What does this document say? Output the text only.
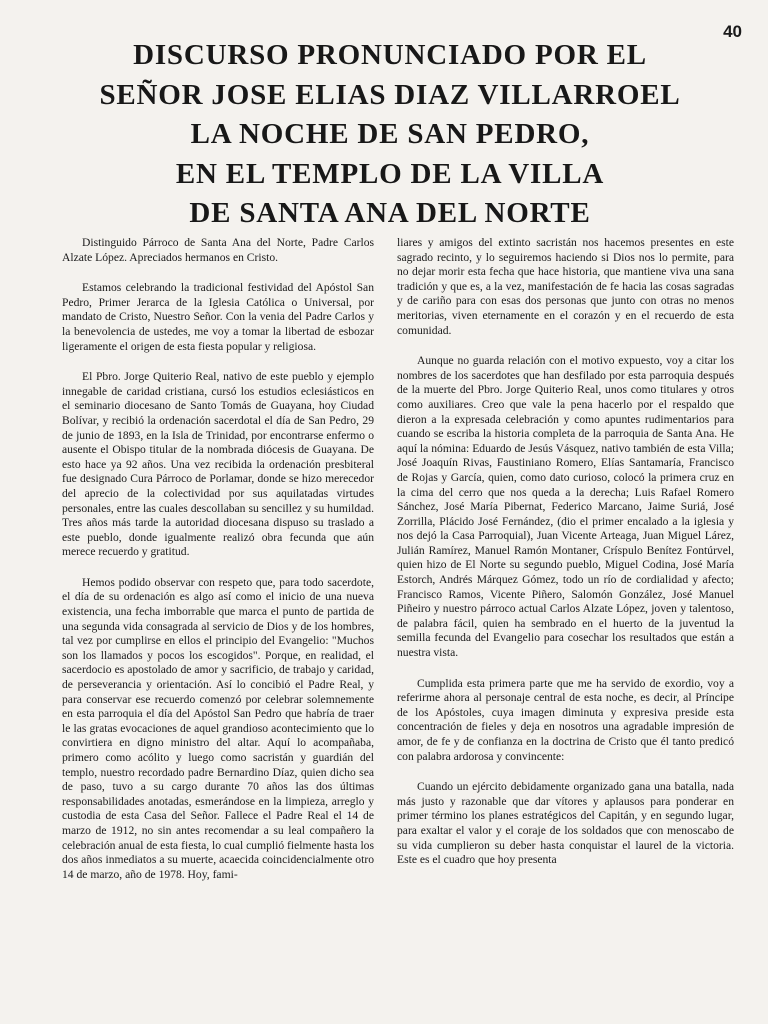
40
DISCURSO PRONUNCIADO POR EL
SEÑOR JOSE ELIAS DIAZ VILLARROEL
LA NOCHE DE SAN PEDRO,
EN EL TEMPLO DE LA VILLA
DE SANTA ANA DEL NORTE

Distinguido Párroco de Santa Ana del Norte, Padre Carlos Alzate López. Apreciados hermanos en Cristo.

Estamos celebrando la tradicional festividad del Apóstol San Pedro, Primer Jerarca de la Iglesia Católica o Universal, por mandato de Cristo, Nuestro Señor. Con la venia del Padre Carlos y la benevolencia de ustedes, me voy a tomar la libertad de esbozar ligeramente el origen de esta fiesta popular y religiosa.

El Pbro. Jorge Quiterio Real, nativo de este pueblo y ejemplo innegable de caridad cristiana, cursó los estudios eclesiásticos en el seminario diocesano de Santo Tomás de Guayana, hoy Ciudad Bolívar, y recibió la ordenación sacerdotal el día de San Pedro, 29 de junio de 1893, en la Isla de Trinidad, por encontrarse enfermo o ausente el Obispo titular de la nombrada diócesis de Guayana. De esto hace ya 92 años. Una vez recibida la ordenación presbiteral fue designado Cura Párroco de Porlamar, donde se hizo merecedor del aprecio de la colectividad por sus aquilatadas virtudes personales, entre las cuales descollaban su sencillez y su humildad. Tres años más tarde la autoridad diocesana dispuso su traslado a este pueblo, donde igualmente realizó obra fecunda que aún merece recuerdo y gratitud.

Hemos podido observar con respeto que, para todo sacerdote, el día de su ordenación es algo así como el inicio de una nueva existencia, una fecha imborrable que marca el punto de partida de una segunda vida consagrada al servicio de Dios y de los hombres, tal vez por cumplirse en ellos el principio del Evangelio: "Muchos son los llamados y pocos los escogidos". Porque, en realidad, el sacerdocio es apostolado de amor y sacrificio, de trabajo y caridad, de perseverancia y orientación. Así lo concibió el Padre Real, y para conservar ese recuerdo comenzó por celebrar solemnemente en esta parroquia el día del Apóstol San Pedro que habría de traer le las gratas evocaciones de aquel grandioso acontecimiento que lo convirtiera en digno ministro del altar. Aquí lo acompañaba, primero como acólito y luego como sacristán y guardián del templo, nuestro recordado padre Bernardino Díaz, quien dicho sea de paso, tuvo a su cargo durante 70 años las dos últimas responsabilidades anotadas, esmerándose en la limpieza, arreglo y custodia de esta Casa del Señor. Fallece el Padre Real el 14 de marzo de 1912, no sin antes recomendar a su leal compañero la celebración anual de esta fiesta, lo cual cumplió fielmente hasta los dos años inmediatos a su muerte, acaecida coincidencialmente otro 14 de marzo, año de 1978. Hoy, fami-

liares y amigos del extinto sacristán nos hacemos presentes en este sagrado recinto, y lo seguiremos haciendo si Dios nos lo permite, para no dejar morir esta fecha que hace historia, que mantiene viva una sana tradición y que es, a la vez, manifestación de fe hacia las cosas sagradas y de cariño para con esas dos personas que junto con otras no menos meritorias, viven eternamente en el corazón y en el recuerdo de esta comunidad.

Aunque no guarda relación con el motivo expuesto, voy a citar los nombres de los sacerdotes que han desfilado por esta parroquia después de la muerte del Pbro. Jorge Quiterio Real, unos como titulares y otros como auxiliares. Creo que vale la pena hacerlo por el respaldo que dieron a la expresada celebración y como apuntes rudimentarios para cuando se escriba la historia completa de la parroquia de Santa Ana. He aquí la nómina: Eduardo de Jesús Vásquez, nativo también de esta Villa; José Joaquín Rivas, Faustiniano Romero, Elías Santamaría, Francisco de Rojas y García, quien, como dato curioso, colocó la primera cruz en la cima del cerro que nos queda a la derecha; Luis Rafael Romero Sánchez, José María Pibernat, Federico Marcano, Jaime Suriá, José Zorrilla, Plácido José Fernández, (dio el primer encalado a la iglesia y nos dejó la Casa Parroquial), Juan Vicente Arteaga, Juan Miguel Lárez, Julián Ramírez, Manuel Ramón Montaner, Críspulo Benítez Fontúrvel, quien hizo de El Norte su segundo pueblo, Miguel Codina, José María Estorch, Andrés Márquez Gómez, todo un río de cordialidad y afecto; Francisco Ramos, Vicente Piñero, Salomón González, José Manuel Piñeiro y nuestro párroco actual Carlos Alzate López, joven y talentoso, de palabra fácil, quien ha sembrado en el huerto de la juventud la semilla fecunda del Evangelio para cosechar los resultados que están a nuestra vista.

Cumplida esta primera parte que me ha servido de exordio, voy a referirme ahora al personaje central de esta noche, es decir, al Príncipe de los Apóstoles, cuya imagen diminuta y expresiva preside esta concentración de fieles y deja en nosotros una agradable impresión de amor, de fe y de confianza en la doctrina de Cristo que él tanto predicó con palabra ardorosa y convincente:

Cuando un ejército debidamente organizado gana una batalla, nada más justo y razonable que dar vítores y aplausos para ponderar en primer término los planes estratégicos del Capitán, y en segundo lugar, para exaltar el valor y el coraje de los soldados que con menoscabo de su vida cumplieron su deber hasta conquistar el laurel de la victoria. Este es el cuadro que hoy presenta
